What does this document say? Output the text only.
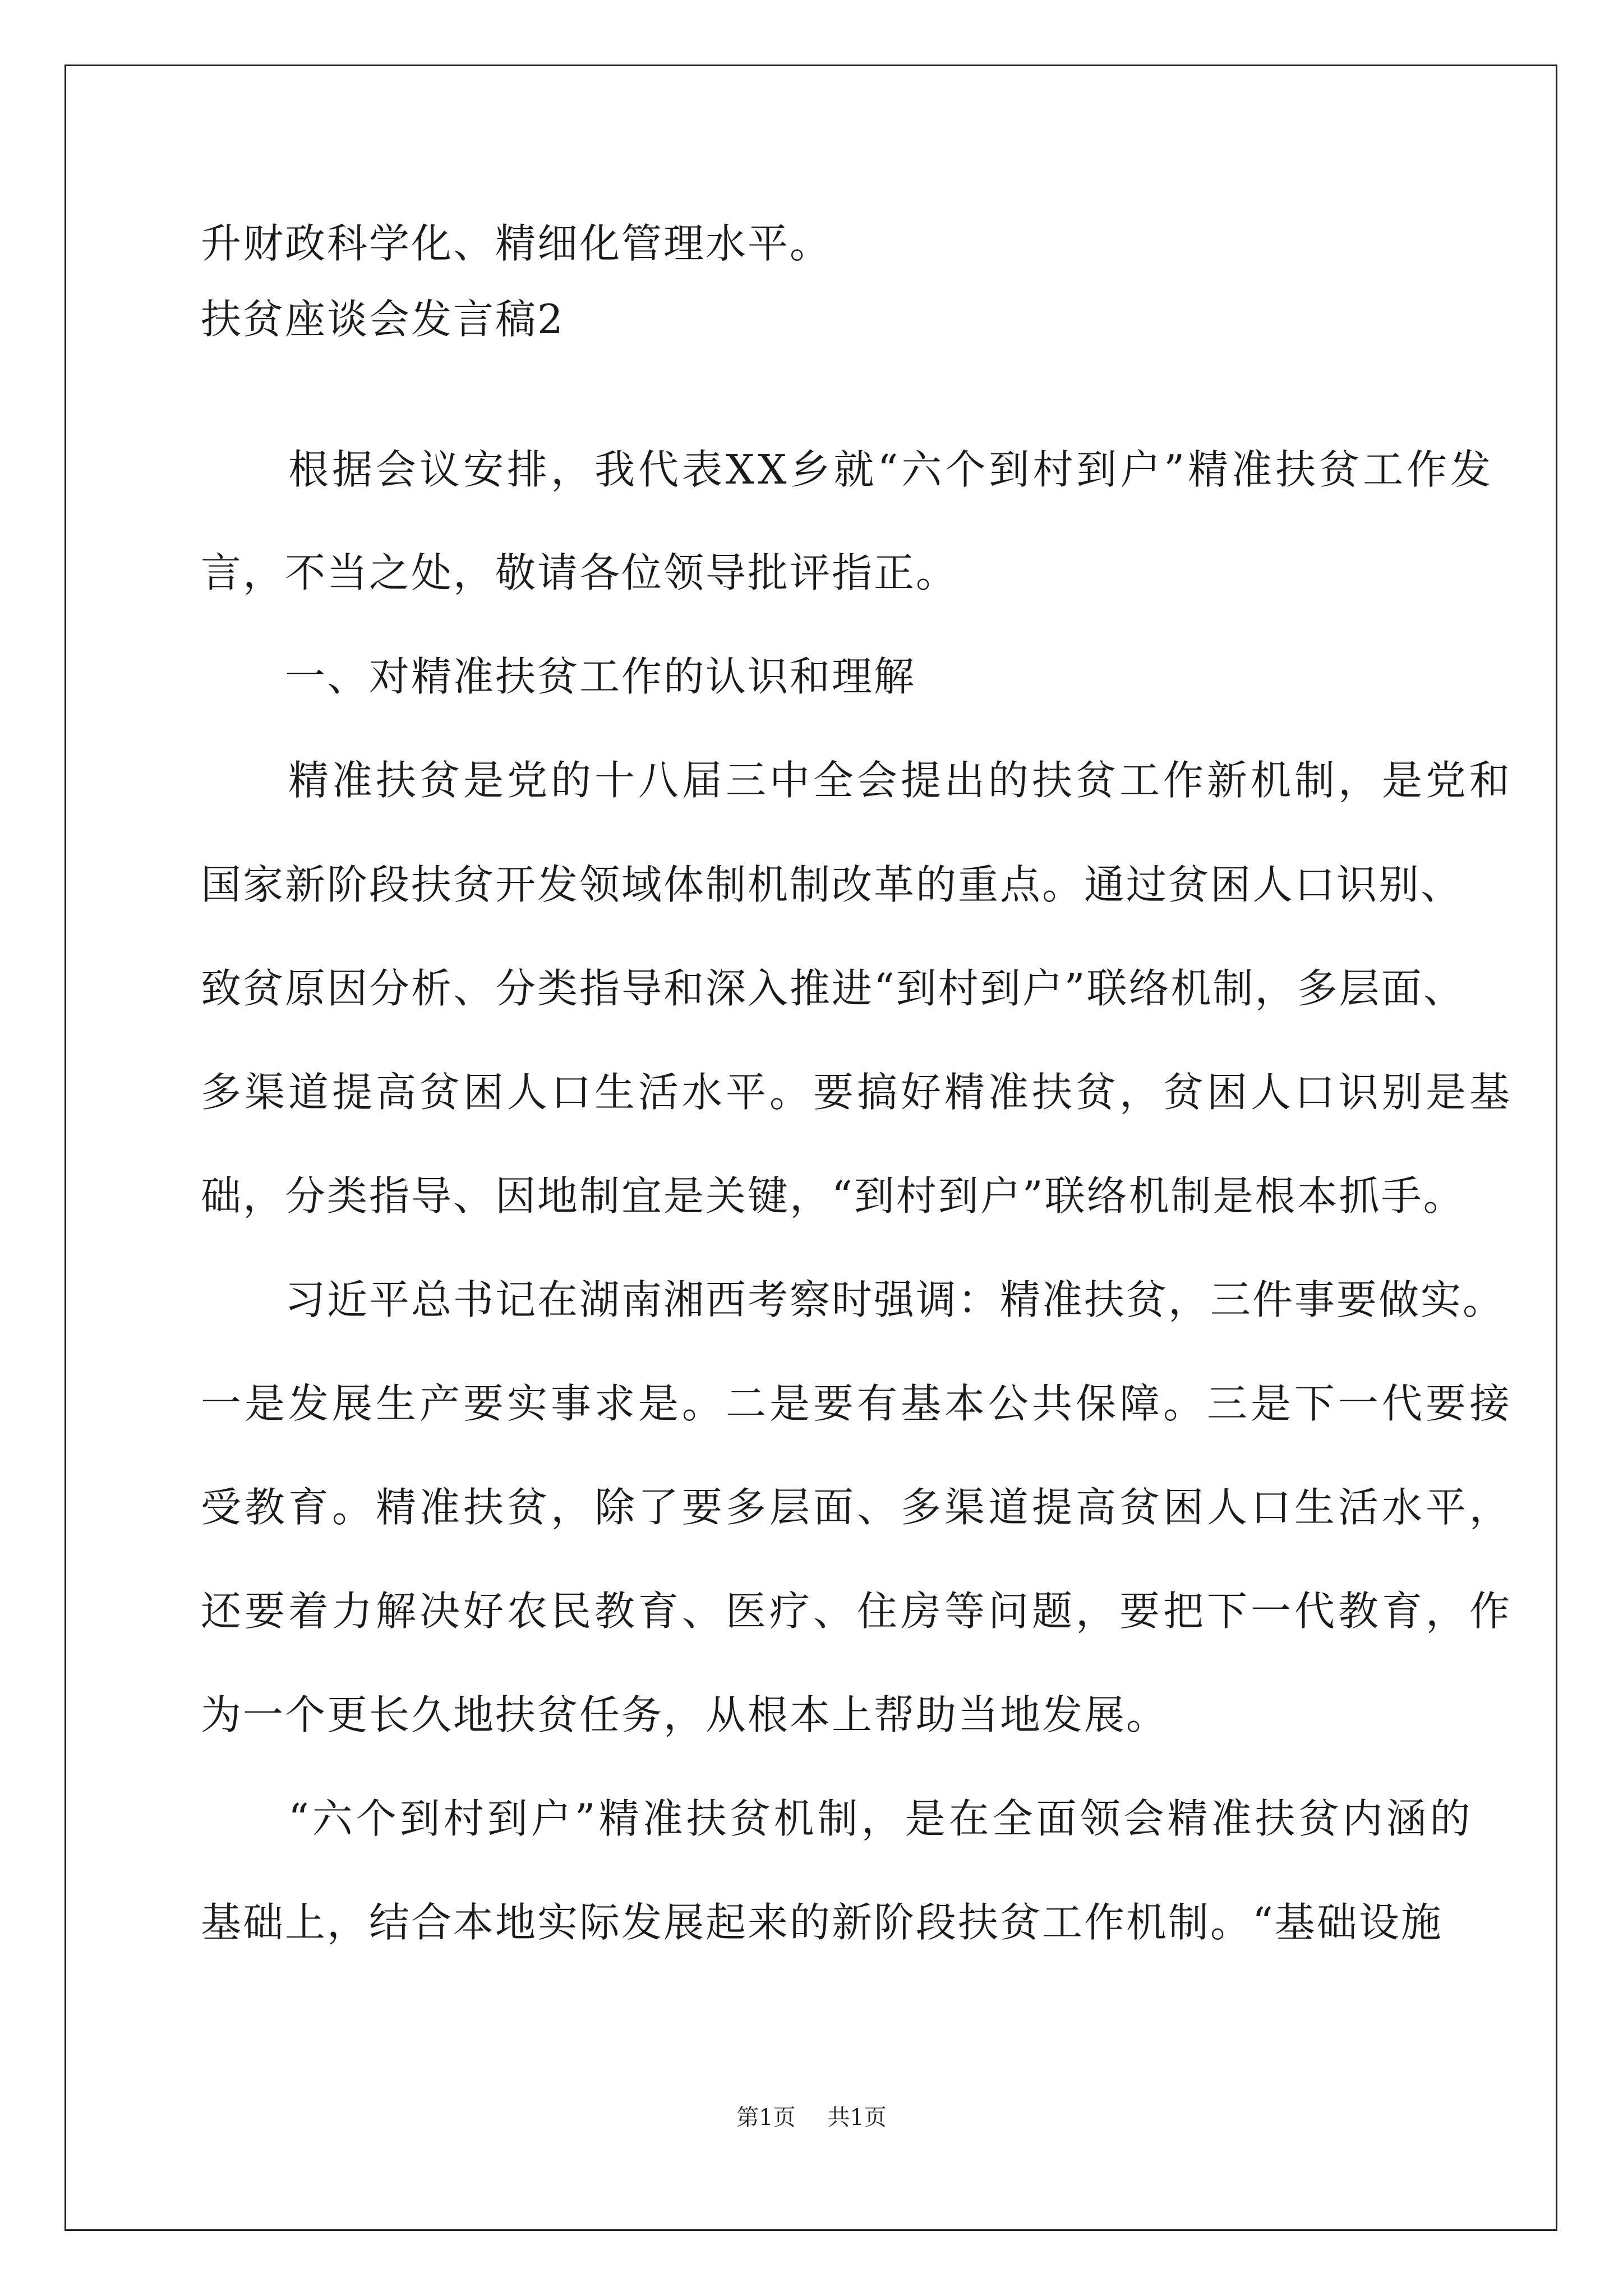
升财政科学化、精细化管理水平。
扶贫座谈会发言稿2
　　根据会议安排，我代表XX乡就“六个到村到户”精准扶贫工作发
言，不当之处，敬请各位领导批评指正。
　　一、对精准扶贫工作的认识和理解
　　精准扶贫是党的十八届三中全会提出的扶贫工作新机制，是党和
国家新阶段扶贫开发领域体制机制改革的重点。通过贫困人口识别、
致贫原因分析、分类指导和深入推进“到村到户”联络机制，多层面、
多渠道提高贫困人口生活水平。要搞好精准扶贫，贫困人口识别是基
础，分类指导、因地制宜是关键，“到村到户”联络机制是根本抓手。
　　习近平总书记在湖南湘西考察时强调：精准扶贫，三件事要做实。
一是发展生产要实事求是。二是要有基本公共保障。三是下一代要接
受教育。精准扶贫，除了要多层面、多渠道提高贫困人口生活水平，
还要着力解决好农民教育、医疗、住房等问题，要把下一代教育，作
为一个更长久地扶贫任务，从根本上帮助当地发展。
　　“六个到村到户”精准扶贫机制，是在全面领会精准扶贫内涵的
基础上，结合本地实际发展起来的新阶段扶贫工作机制。“基础设施
第1页 共1页
